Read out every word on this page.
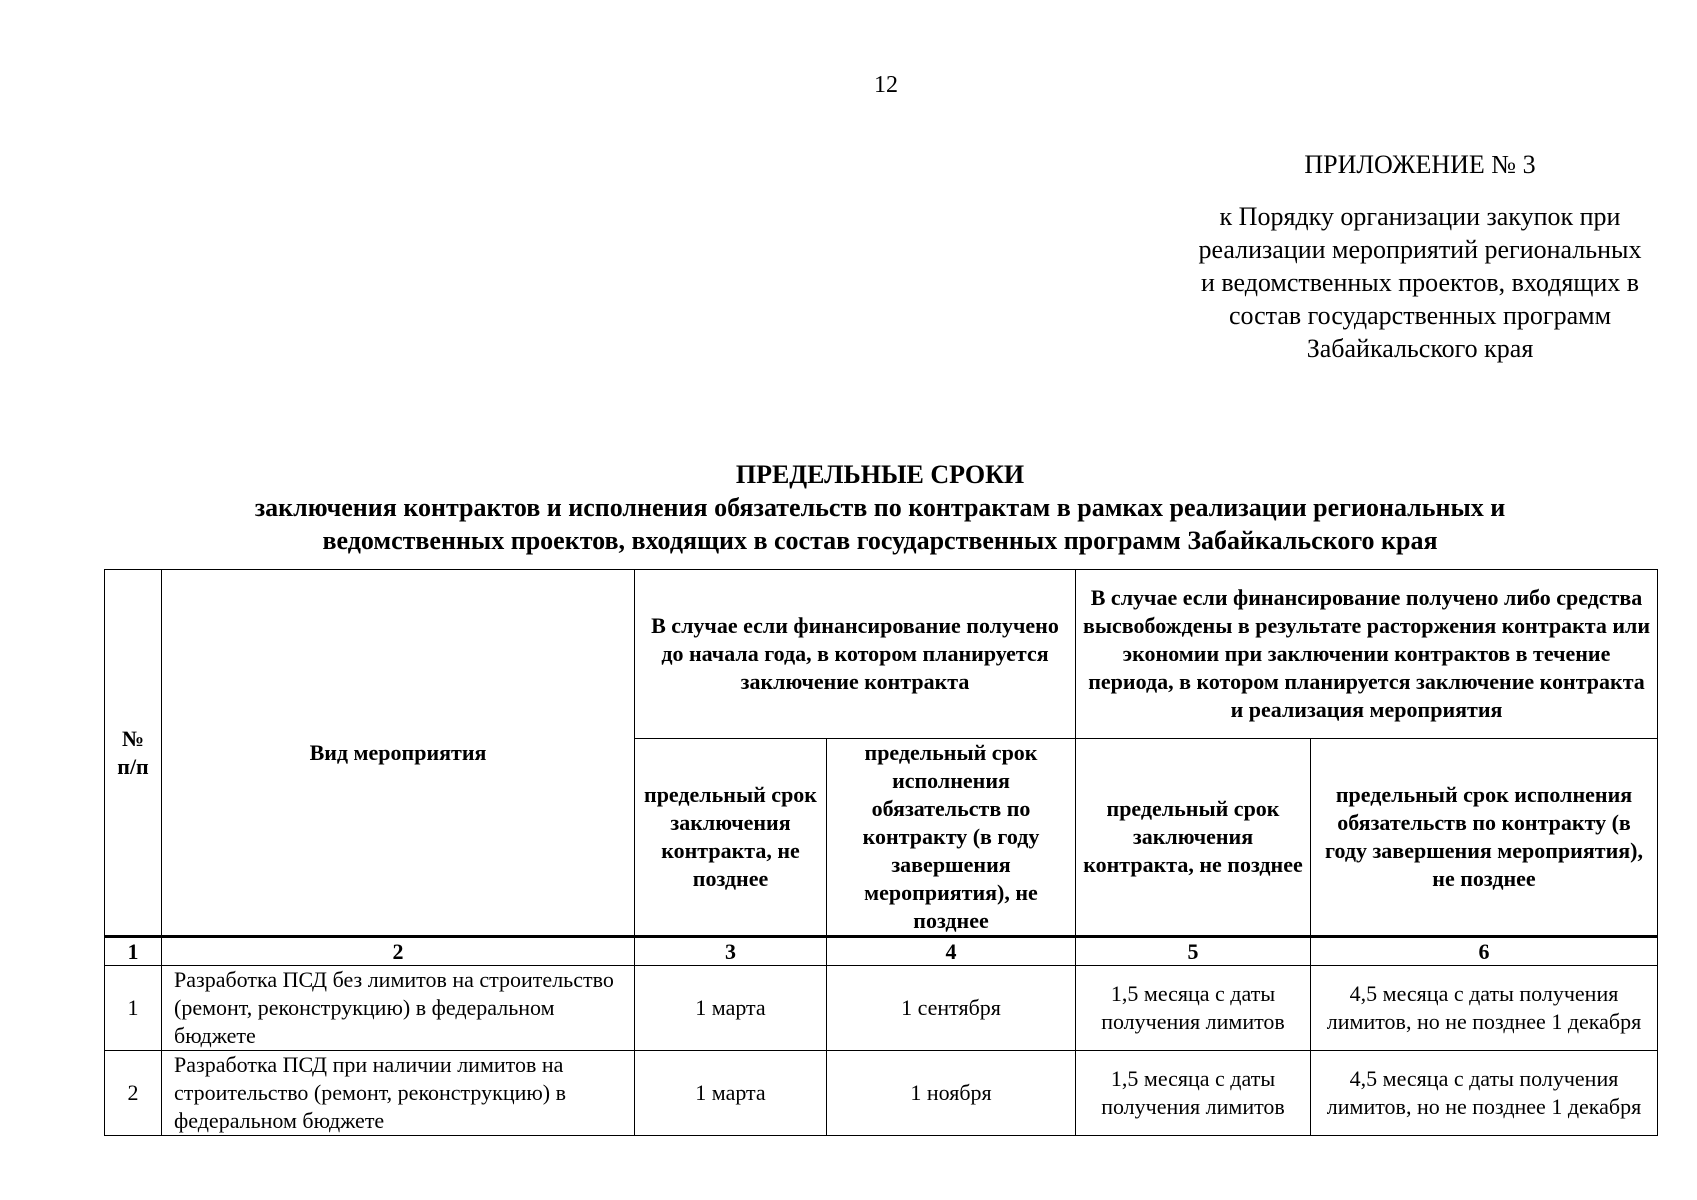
12
ПРИЛОЖЕНИЕ № 3
к Порядку организации закупок при
реализации мероприятий региональных
и ведомственных проектов, входящих в
состав государственных программ
Забайкальского края
ПРЕДЕЛЬНЫЕ СРОКИ
заключения контрактов и исполнения обязательств по контрактам в рамках реализации региональных и
ведомственных проектов, входящих в состав государственных программ Забайкальского края
№ п/п	Вид мероприятия	В случае если финансирование получено до начала года, в котором планируется заключение контракта		В случае если финансирование получено либо средства высвобождены в результате расторжения контракта или экономии при заключении контрактов в течение периода, в котором планируется заключение контракта и реализация мероприятия	
		предельный срок заключения контракта, не позднее	предельный срок исполнения обязательств по контракту (в году завершения мероприятия), не позднее	предельный срок заключения контракта, не позднее	предельный срок исполнения обязательств по контракту (в году завершения мероприятия), не позднее
1	2	3	4	5	6
1	Разработка ПСД без лимитов на строительство (ремонт, реконструкцию) в федеральном бюджете	1 марта	1 сентября	1,5 месяца с даты получения лимитов	4,5 месяца с даты получения лимитов, но не позднее 1 декабря
2	Разработка ПСД при наличии лимитов на строительство (ремонт, реконструкцию) в федеральном бюджете	1 марта	1 ноября	1,5 месяца с даты получения лимитов	4,5 месяца с даты получения лимитов, но не позднее 1 декабря
